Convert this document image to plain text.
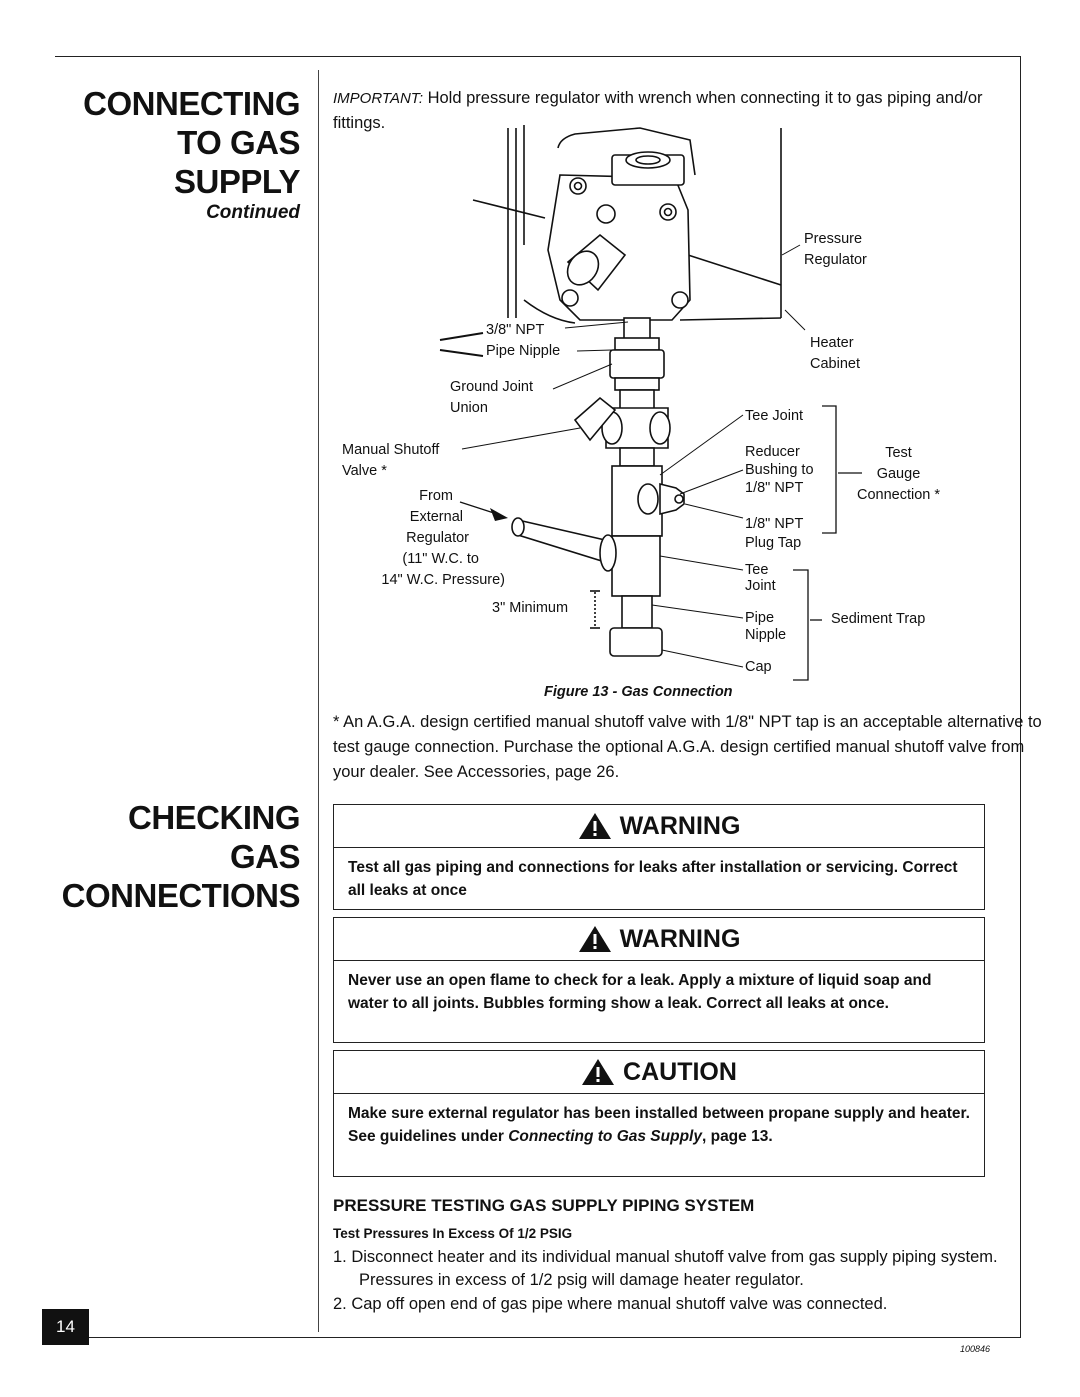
CONNECTING
TO GAS
SUPPLY
Continued
CHECKING
GAS
CONNECTIONS
IMPORTANT: Hold pressure regulator with wrench when connecting it to gas piping and/or fittings.
Pressure
Regulator
Heater
Cabinet
3/8" NPT
Pipe Nipple
Ground Joint
Union	Tee Joint
Manual Shutoff
Valve *
Reducer
Bushing to
1/8" NPT
Test
Gauge
Connection *
From
External
Regulator
(11" W.C. to
14" W.C. Pressure)
1/8" NPT
Plug Tap
Tee
Joint
3" Minimum
Pipe
Nipple
Sediment Trap
Cap
Figure 13 - Gas Connection
* An A.G.A. design certified manual shutoff valve with 1/8" NPT tap is an acceptable alternative to test gauge connection. Purchase the optional A.G.A. design certified manual shutoff valve from your dealer. See Accessories, page 26.
WARNING
Test all gas piping and connections for leaks after installation or servicing. Correct all leaks at once
WARNING
Never use an open flame to check for a leak. Apply a mixture of liquid soap and water to all joints. Bubbles forming show a leak. Correct all leaks at once.
CAUTION
Make sure external regulator has been installed between propane supply and heater. See guidelines under Connecting to Gas Supply, page 13.
PRESSURE TESTING GAS SUPPLY PIPING SYSTEM
Test Pressures In Excess Of 1/2 PSIG
1. Disconnect heater and its individual manual shutoff valve from gas supply piping system. Pressures in excess of 1/2 psig will damage heater regulator.
2. Cap off open end of gas pipe where manual shutoff valve was connected.
14
100846
